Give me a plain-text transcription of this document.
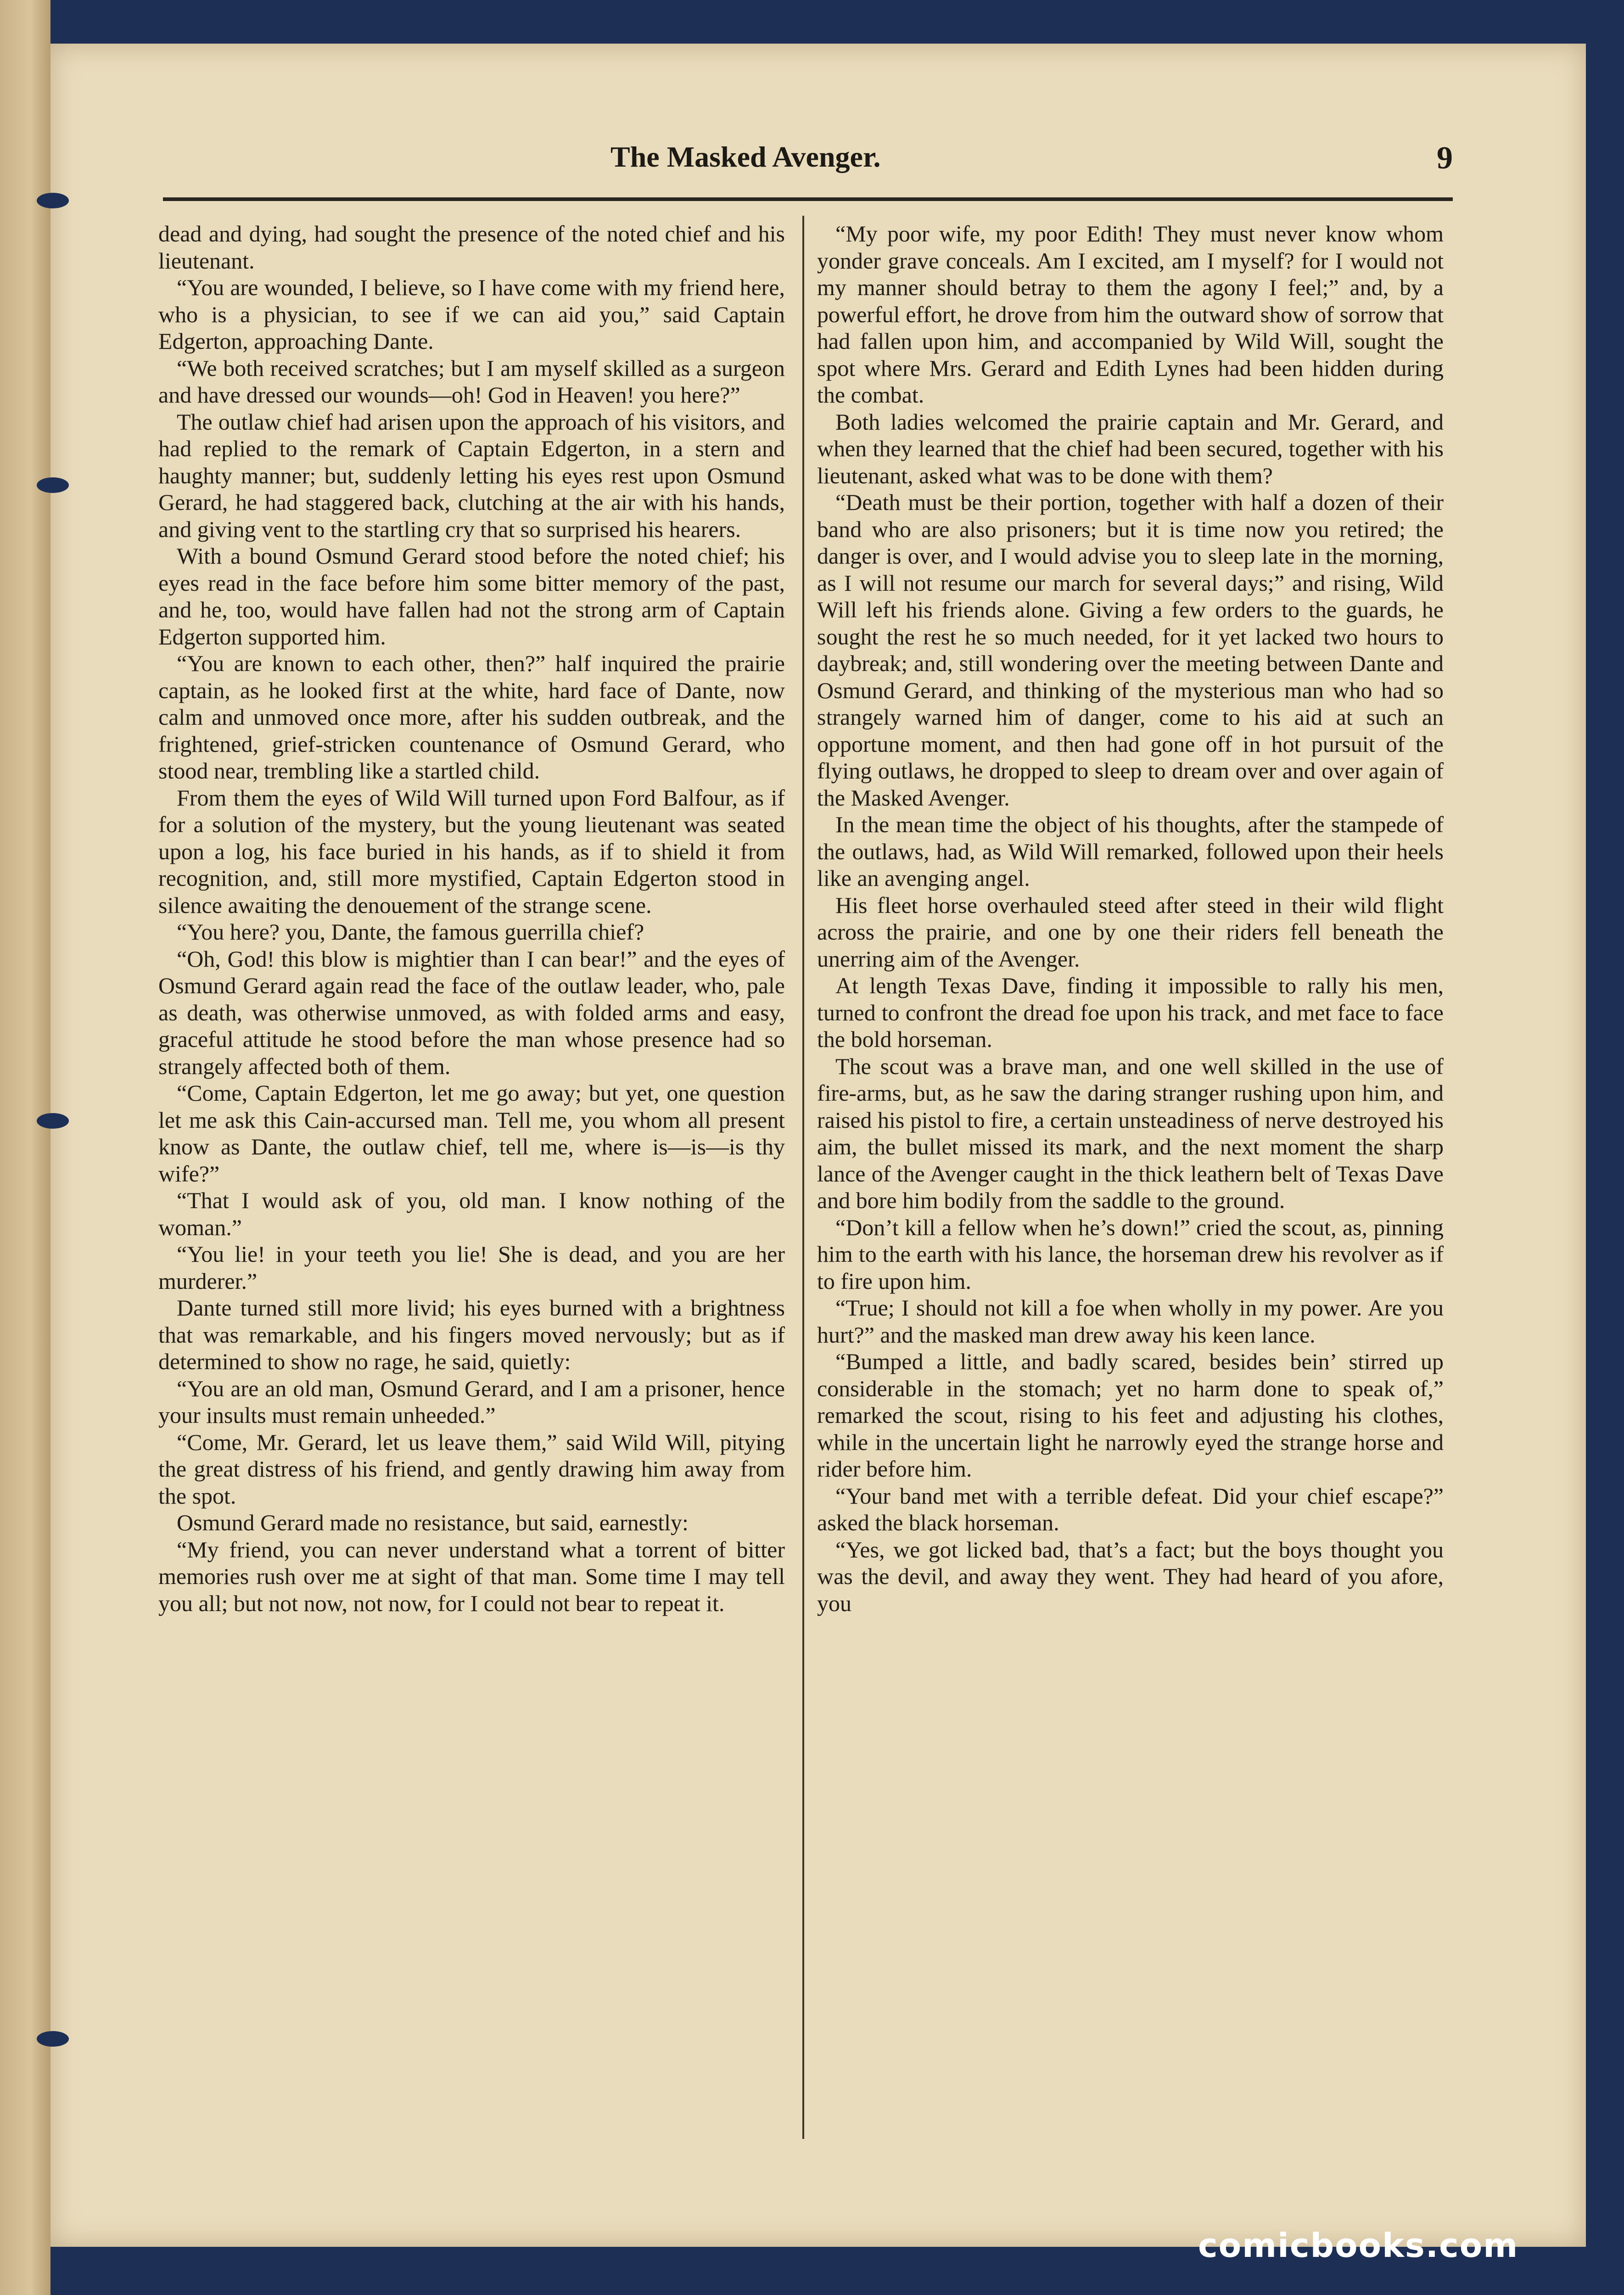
The Masked Avenger.	9

dead and dying, had sought the presence of the noted chief and his lieutenant.

“You are wounded, I believe, so I have come with my friend here, who is a physician, to see if we can aid you,” said Captain Edgerton, approaching Dante.

“We both received scratches; but I am myself skilled as a surgeon and have dressed our wounds—oh! God in Heaven! you here?”

The outlaw chief had arisen upon the approach of his visitors, and had replied to the remark of Captain Edgerton, in a stern and haughty manner; but, suddenly letting his eyes rest upon Osmund Gerard, he had staggered back, clutching at the air with his hands, and giving vent to the startling cry that so surprised his hearers.

With a bound Osmund Gerard stood before the noted chief; his eyes read in the face before him some bitter memory of the past, and he, too, would have fallen had not the strong arm of Captain Edgerton supported him.

“You are known to each other, then?” half inquired the prairie captain, as he looked first at the white, hard face of Dante, now calm and unmoved once more, after his sudden outbreak, and the frightened, grief-stricken countenance of Osmund Gerard, who stood near, trembling like a startled child.

From them the eyes of Wild Will turned upon Ford Balfour, as if for a solution of the mystery, but the young lieutenant was seated upon a log, his face buried in his hands, as if to shield it from recognition, and, still more mystified, Captain Edgerton stood in silence awaiting the denouement of the strange scene.

“You here? you, Dante, the famous guerrilla chief?

“Oh, God! this blow is mightier than I can bear!” and the eyes of Osmund Gerard again read the face of the outlaw leader, who, pale as death, was otherwise unmoved, as with folded arms and easy, graceful attitude he stood before the man whose presence had so strangely affected both of them.

“Come, Captain Edgerton, let me go away; but yet, one question let me ask this Cain-accursed man. Tell me, you whom all present know as Dante, the outlaw chief, tell me, where is—is—is thy wife?”

“That I would ask of you, old man. I know nothing of the woman.”

“You lie! in your teeth you lie! She is dead, and you are her murderer.”

Dante turned still more livid; his eyes burned with a brightness that was remarkable, and his fingers moved nervously; but as if determined to show no rage, he said, quietly:

“You are an old man, Osmund Gerard, and I am a prisoner, hence your insults must remain unheeded.”

“Come, Mr. Gerard, let us leave them,” said Wild Will, pitying the great distress of his friend, and gently drawing him away from the spot.

Osmund Gerard made no resistance, but said, earnestly:

“My friend, you can never understand what a torrent of bitter memories rush over me at sight of that man. Some time I may tell you all; but not now, not now, for I could not bear to repeat it.

“My poor wife, my poor Edith! They must never know whom yonder grave conceals. Am I excited, am I myself? for I would not my manner should betray to them the agony I feel;” and, by a powerful effort, he drove from him the outward show of sorrow that had fallen upon him, and accompanied by Wild Will, sought the spot where Mrs. Gerard and Edith Lynes had been hidden during the combat.

Both ladies welcomed the prairie captain and Mr. Gerard, and when they learned that the chief had been secured, together with his lieutenant, asked what was to be done with them?

“Death must be their portion, together with half a dozen of their band who are also prisoners; but it is time now you retired; the danger is over, and I would advise you to sleep late in the morning, as I will not resume our march for several days;” and rising, Wild Will left his friends alone. Giving a few orders to the guards, he sought the rest he so much needed, for it yet lacked two hours to daybreak; and, still wondering over the meeting between Dante and Osmund Gerard, and thinking of the mysterious man who had so strangely warned him of danger, come to his aid at such an opportune moment, and then had gone off in hot pursuit of the flying outlaws, he dropped to sleep to dream over and over again of the Masked Avenger.

In the mean time the object of his thoughts, after the stampede of the outlaws, had, as Wild Will remarked, followed upon their heels like an avenging angel.

His fleet horse overhauled steed after steed in their wild flight across the prairie, and one by one their riders fell beneath the unerring aim of the Avenger.

At length Texas Dave, finding it impossible to rally his men, turned to confront the dread foe upon his track, and met face to face the bold horseman.

The scout was a brave man, and one well skilled in the use of fire-arms, but, as he saw the daring stranger rushing upon him, and raised his pistol to fire, a certain unsteadiness of nerve destroyed his aim, the bullet missed its mark, and the next moment the sharp lance of the Avenger caught in the thick leathern belt of Texas Dave and bore him bodily from the saddle to the ground.

“Don’t kill a fellow when he’s down!” cried the scout, as, pinning him to the earth with his lance, the horseman drew his revolver as if to fire upon him.

“True; I should not kill a foe when wholly in my power. Are you hurt?” and the masked man drew away his keen lance.

“Bumped a little, and badly scared, besides bein’ stirred up considerable in the stomach; yet no harm done to speak of,” remarked the scout, rising to his feet and adjusting his clothes, while in the uncertain light he narrowly eyed the strange horse and rider before him.

“Your band met with a terrible defeat. Did your chief escape?” asked the black horseman.

“Yes, we got licked bad, that’s a fact; but the boys thought you was the devil, and away they went. They had heard of you afore, you

comicbooks.com
